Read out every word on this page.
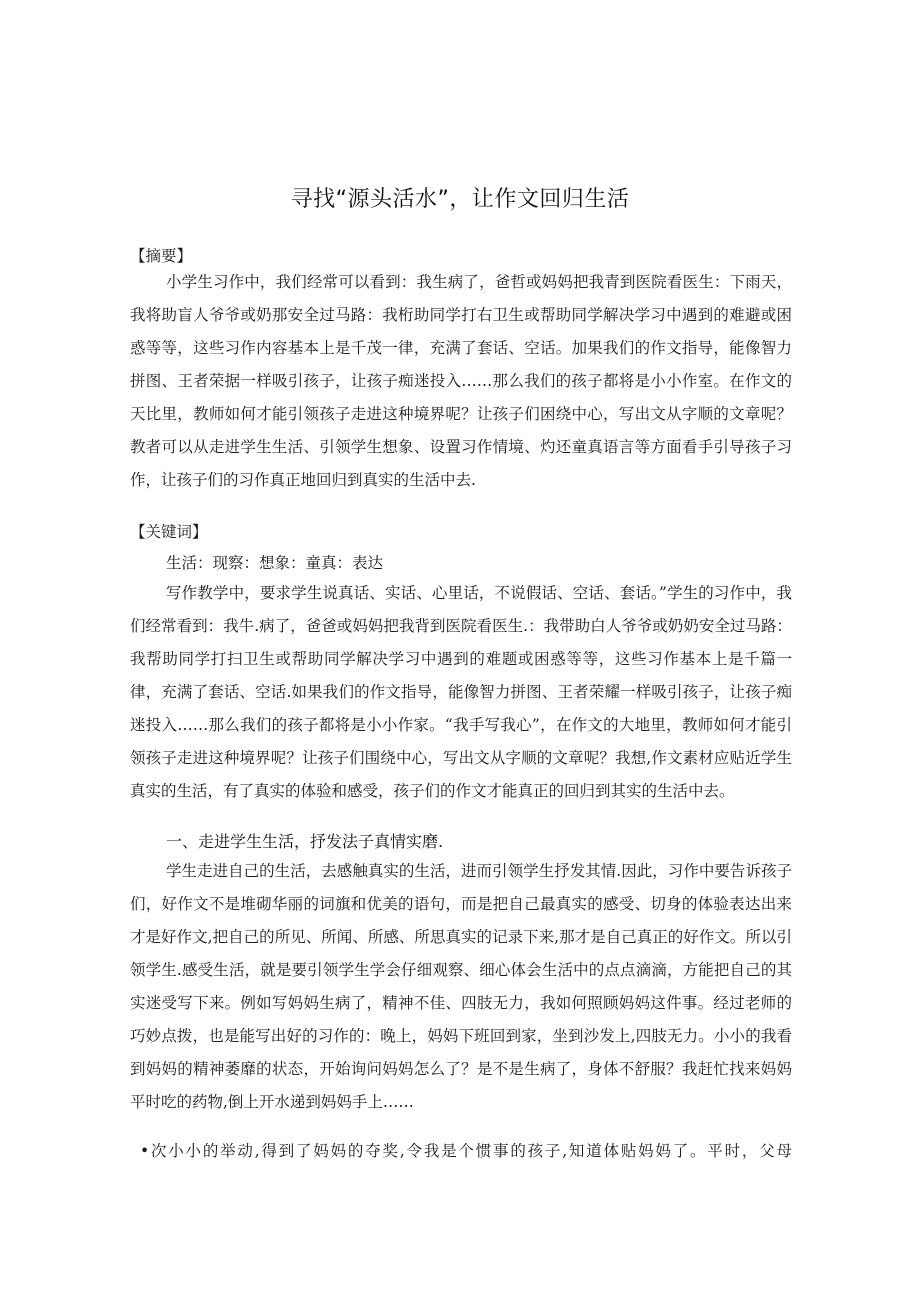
寻找“源头活水”，让作文回归生活
【摘要】
小学生习作中，我们经常可以看到：我生病了，爸哲或妈妈把我青到医院看医生：下雨天，我将助盲人爷爷或奶那安全过马路：我桁助同学打右卫生或帮助同学解决学习中遇到的难避或困惑等等，这些习作内容基本上是千茂一律，充满了套话、空话。加果我们的作文指导，能像智力拼图、王者荣据一样吸引孩子，让孩子痴迷投入……那么我们的孩子都将是小小作室。在作文的天比里，教师如何才能引领孩子走进这种境界呢？让孩子们困绕中心，写出文从字顺的文章呢？教者可以从走进学生生活、引领学生想象、设置习作情境、灼还童真语言等方面看手引导孩子习作，让孩子们的习作真正地回归到真实的生活中去.
【关键词】
生活：现察：想象：童真：表达
写作教学中，要求学生说真话、实话、心里话，不说假话、空话、套话。”学生的习作中，我们经常看到：我牛.病了，爸爸或妈妈把我背到医院看医生.：我带助白人爷爷或奶奶安全过马路：我帮助同学打扫卫生或帮助同学解决学习中遇到的难题或困惑等等，这些习作基本上是千篇一律，充满了套话、空话.如果我们的作文指导，能像智力拼图、王者荣耀一样吸引孩子，让孩子痴迷投入……那么我们的孩子都将是小小作家。“我手写我心”，在作文的大地里，教师如何才能引领孩子走进这种境界呢？让孩子们围绕中心，写出文从字顺的文章呢？我想,作文素材应贴近学生真实的生活，有了真实的体验和感受，孩子们的作文才能真正的回归到其实的生活中去。
一、走进学生生活，抒发法子真情实磨.
学生走进自己的生活，去感触真实的生活，进而引领学生抒发其情.因此，习作中要告诉孩子们，好作文不是堆砌华丽的词旗和优美的语句，而是把自己最真实的感受、切身的体验表达出来才是好作文,把自己的所见、所闻、所感、所思真实的记录下来,那才是自己真正的好作文。所以引领学生.感受生活，就是要引领学生学会仔细观察、细心体会生活中的点点滴滴，方能把自己的其实迷受写下来。例如写妈妈生病了，精神不佳、四肢无力，我如何照顾妈妈这件事。经过老师的巧妙点拨，也是能写出好的习作的：晚上，妈妈下班回到家，坐到沙发上,四肢无力。小小的我看到妈妈的精神萎靡的状态，开始询问妈妈怎么了？是不是生病了，身体不舒服？我赶忙找来妈妈平时吃的药物,倒上开水递到妈妈手上……
•次小小的举动,得到了妈妈的夺奖,令我是个惯事的孩子,知道体贴妈妈了。平时，父母
